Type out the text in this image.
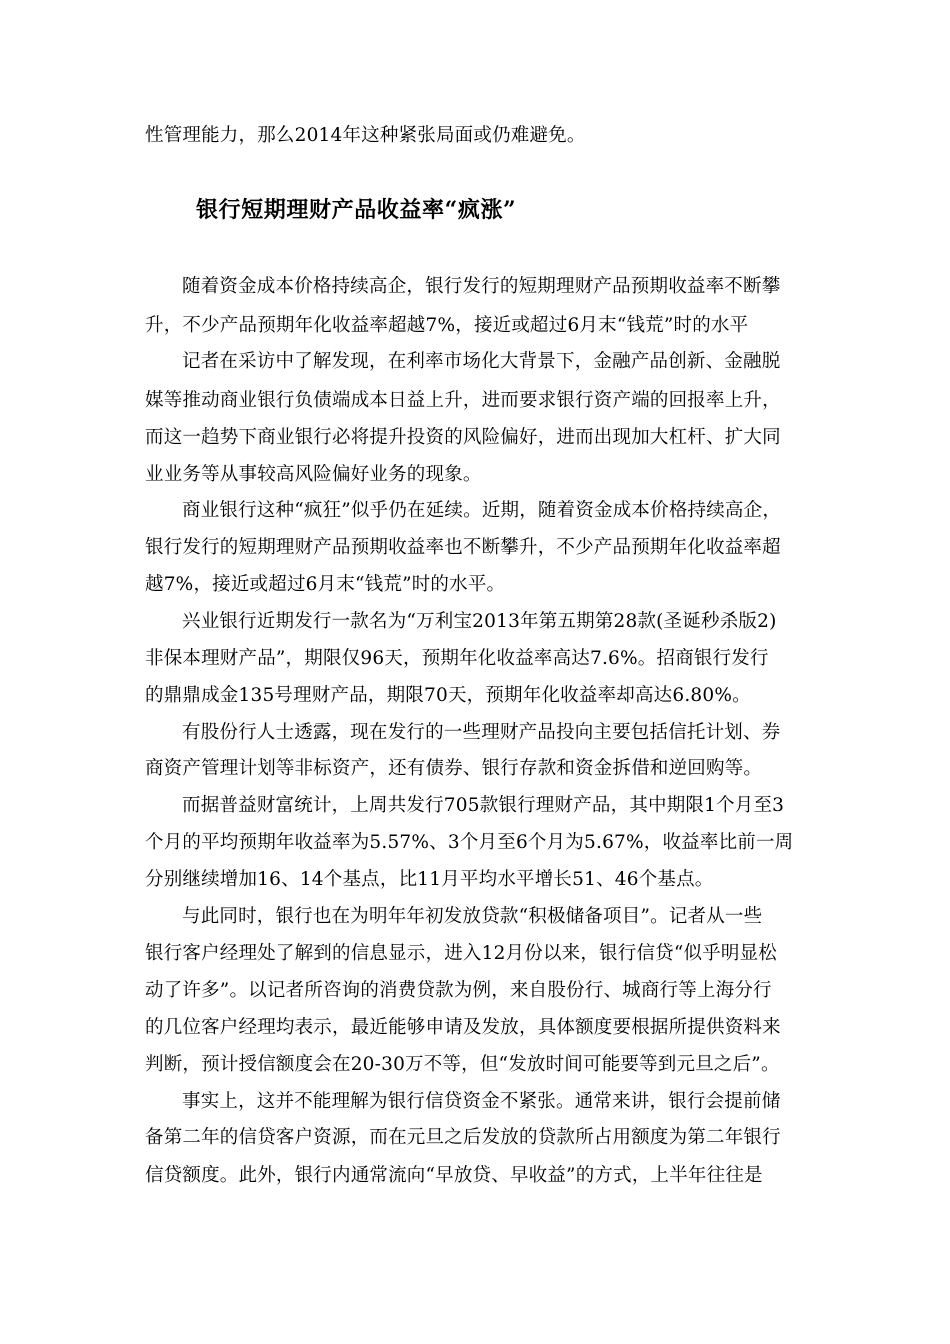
性管理能力，那么2014年这种紧张局面或仍难避免。
银行短期理财产品收益率“疯涨”
随着资金成本价格持续高企，银行发行的短期理财产品预期收益率不断攀
升，不少产品预期年化收益率超越7%，接近或超过6月末“钱荒”时的水平
记者在采访中了解发现，在利率市场化大背景下，金融产品创新、金融脱
媒等推动商业银行负债端成本日益上升，进而要求银行资产端的回报率上升，
而这一趋势下商业银行必将提升投资的风险偏好，进而出现加大杠杆、扩大同
业业务等从事较高风险偏好业务的现象。
商业银行这种“疯狂”似乎仍在延续。近期，随着资金成本价格持续高企，
银行发行的短期理财产品预期收益率也不断攀升，不少产品预期年化收益率超
越7%，接近或超过6月末“钱荒”时的水平。
兴业银行近期发行一款名为“万利宝2013年第五期第28款(圣诞秒杀版2)
非保本理财产品”，期限仅96天，预期年化收益率高达7.6%。招商银行发行
的鼎鼎成金135号理财产品，期限70天，预期年化收益率却高达6.80%。
有股份行人士透露，现在发行的一些理财产品投向主要包括信托计划、券
商资产管理计划等非标资产，还有债券、银行存款和资金拆借和逆回购等。
而据普益财富统计，上周共发行705款银行理财产品，其中期限1个月至3
个月的平均预期年收益率为5.57%、3个月至6个月为5.67%，收益率比前一周
分别继续增加16、14个基点，比11月平均水平增长51、46个基点。
与此同时，银行也在为明年年初发放贷款“积极储备项目”。记者从一些
银行客户经理处了解到的信息显示，进入12月份以来，银行信贷“似乎明显松
动了许多”。以记者所咨询的消费贷款为例，来自股份行、城商行等上海分行
的几位客户经理均表示，最近能够申请及发放，具体额度要根据所提供资料来
判断，预计授信额度会在20-30万不等，但“发放时间可能要等到元旦之后”。
事实上，这并不能理解为银行信贷资金不紧张。通常来讲，银行会提前储
备第二年的信贷客户资源，而在元旦之后发放的贷款所占用额度为第二年银行
信贷额度。此外，银行内通常流向“早放贷、早收益”的方式，上半年往往是
